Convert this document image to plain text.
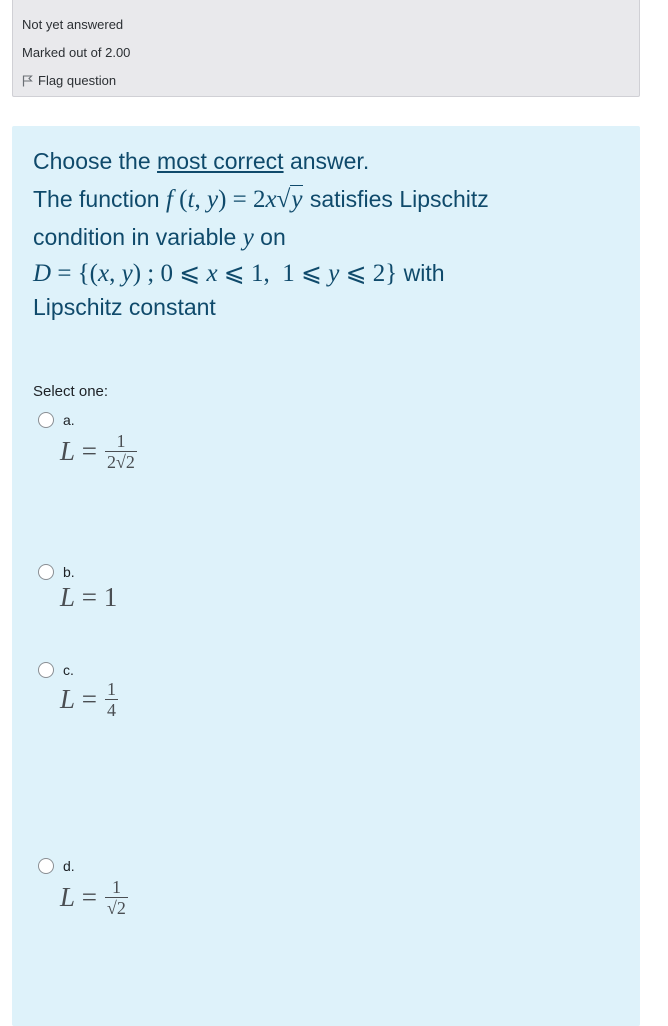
Not yet answered
Marked out of 2.00
Flag question
Choose the most correct answer.
The function f (t, y) = 2x√y satisfies Lipschitz
condition in variable y on
D = {(x, y) ; 0 ⩽ x ⩽ 1,  1 ⩽ y ⩽ 2} with
Lipschitz constant
Select one:
a.
L
= $\frac{1}{2√2}$
b.
L
=
1
c.
L
= $\frac{1}{4}$
d.
L
= $\frac{1}{√2}$
